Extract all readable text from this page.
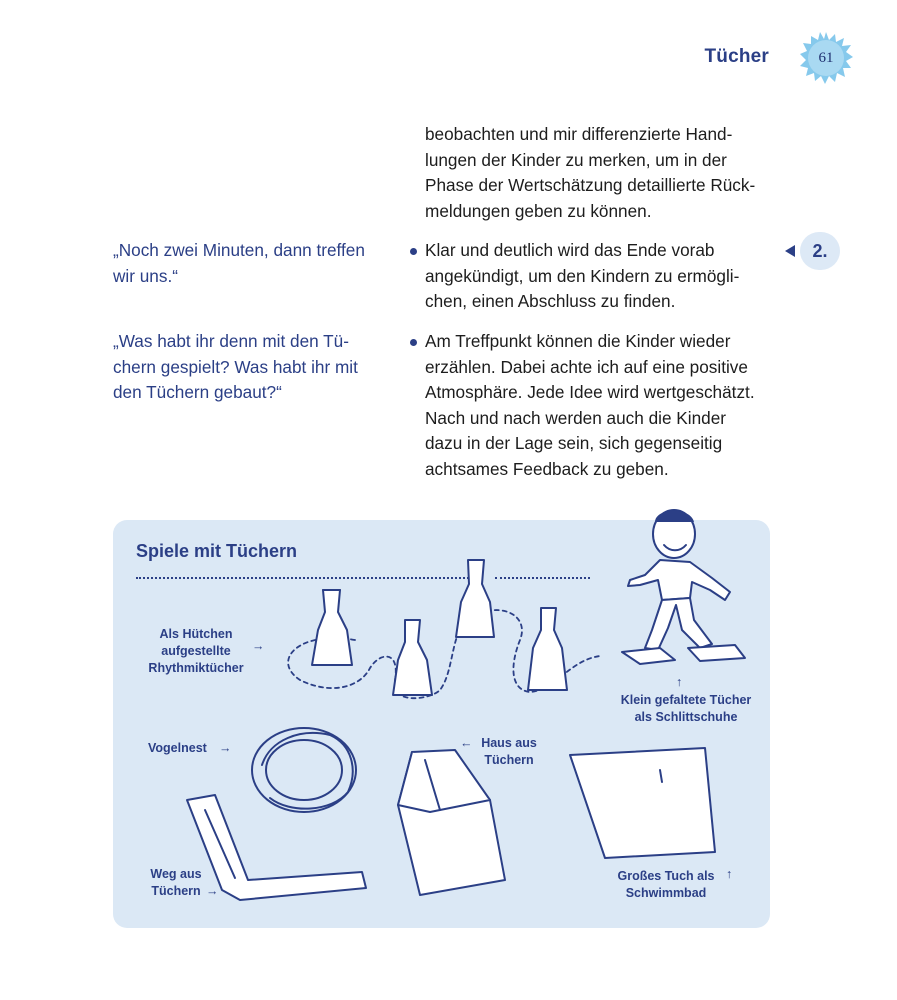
Tücher	61
2.
beobachten und mir differenzierte Hand-
lungen der Kinder zu merken, um in der
Phase der Wertschätzung detaillierte Rück-
meldungen geben zu können.
„Noch zwei Minuten, dann treffen
wir uns.“
Klar und deutlich wird das Ende vorab
angekündigt, um den Kindern zu ermögli-
chen, einen Abschluss zu finden.
„Was habt ihr denn mit den Tü-
chern gespielt? Was habt ihr mit
den Tüchern gebaut?“
Am Treffpunkt können die Kinder wieder
erzählen. Dabei achte ich auf eine positive
Atmosphäre. Jede Idee wird wertgeschätzt.
Nach und nach werden auch die Kinder
dazu in der Lage sein, sich gegenseitig
achtsames Feedback zu geben.
Spiele mit Tüchern
Als Hütchen
aufgestellte
Rhythmiktücher
→
↑
Klein gefaltete Tücher
als Schlittschuhe
Vogelnest →	← Haus aus
Tüchern
Weg aus
Tüchern →
Großes Tuch als
Schwimmbad
↑
